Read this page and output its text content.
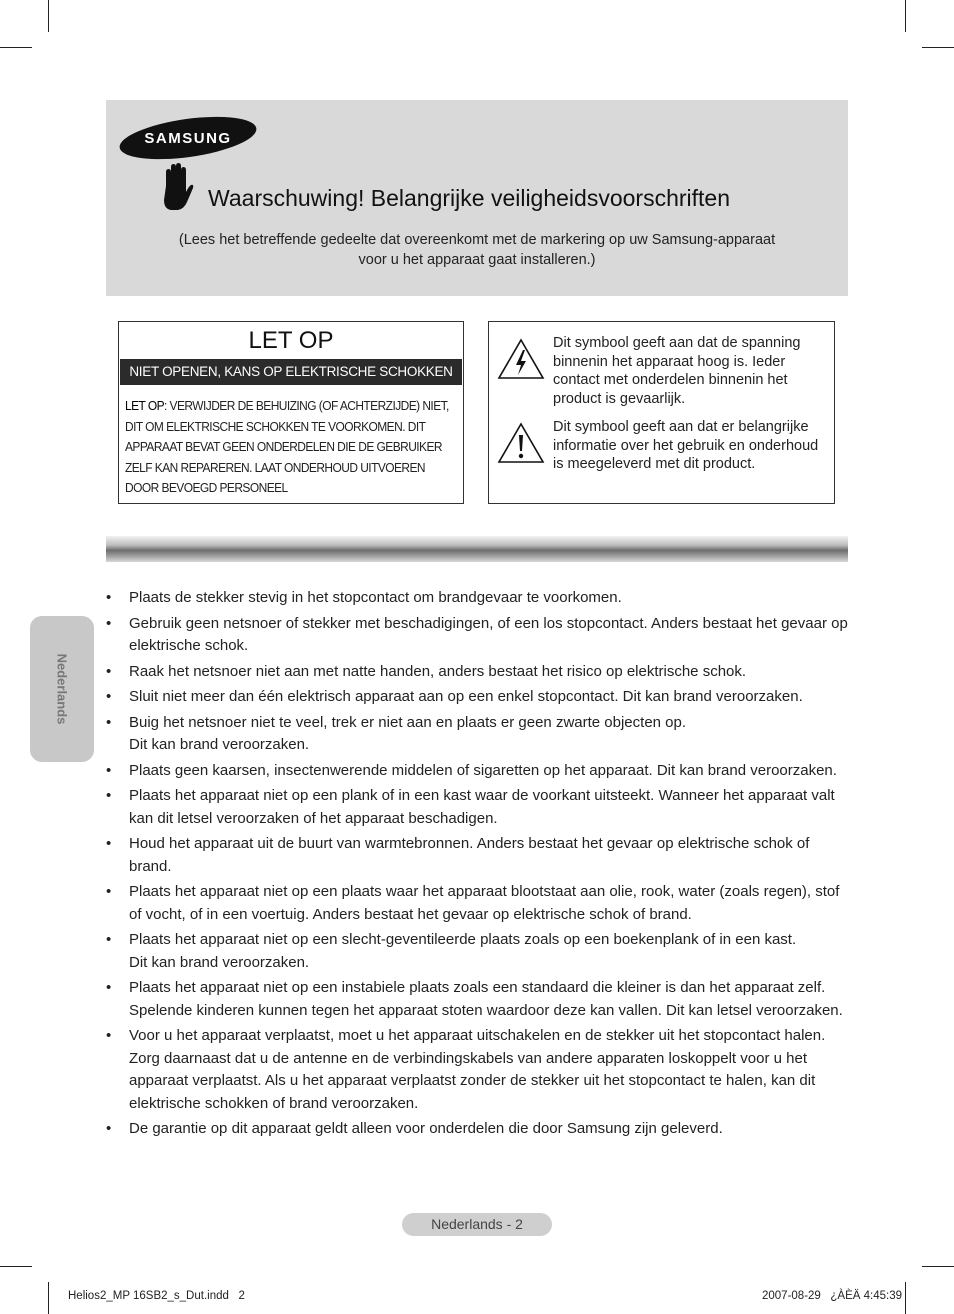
SAMSUNG
Waarschuwing! Belangrijke veiligheidsvoorschriften
(Lees het betreffende gedeelte dat overeenkomt met de markering op uw Samsung-apparaat
voor u het apparaat gaat installeren.)
LET OP
NIET OPENEN, KANS OP ELEKTRISCHE SCHOKKEN
LET OP: VERWIJDER DE BEHUIZING (OF ACHTERZIJDE) NIET, DIT OM ELEKTRISCHE SCHOKKEN TE VOORKOMEN. DIT APPARAAT BEVAT GEEN ONDERDELEN DIE DE GEBRUIKER ZELF KAN REPAREREN. LAAT ONDERHOUD UITVOEREN DOOR BEVOEGD PERSONEEL
Dit symbool geeft aan dat de spanning binnenin het apparaat hoog is. Ieder contact met onderdelen binnenin het product is gevaarlijk.
Dit symbool geeft aan dat er belangrijke informatie over het gebruik en onderhoud is meegeleverd met dit product.
Nederlands
• Plaats de stekker stevig in het stopcontact om brandgevaar te voorkomen.
• Gebruik geen netsnoer of stekker met beschadigingen, of een los stopcontact. Anders bestaat het gevaar op elektrische schok.
• Raak het netsnoer niet aan met natte handen, anders bestaat het risico op elektrische schok.
• Sluit niet meer dan één elektrisch apparaat aan op een enkel stopcontact. Dit kan brand veroorzaken.
• Buig het netsnoer niet te veel, trek er niet aan en plaats er geen zwarte objecten op.
Dit kan brand veroorzaken.
• Plaats geen kaarsen, insectenwerende middelen of sigaretten op het apparaat. Dit kan brand veroorzaken.
• Plaats het apparaat niet op een plank of in een kast waar de voorkant uitsteekt. Wanneer het apparaat valt kan dit letsel veroorzaken of het apparaat beschadigen.
• Houd het apparaat uit de buurt van warmtebronnen. Anders bestaat het gevaar op elektrische schok of brand.
• Plaats het apparaat niet op een plaats waar het apparaat blootstaat aan olie, rook, water (zoals regen), stof of vocht, of in een voertuig. Anders bestaat het gevaar op elektrische schok of brand.
• Plaats het apparaat niet op een slecht-geventileerde plaats zoals op een boekenplank of in een kast.
Dit kan brand veroorzaken.
• Plaats het apparaat niet op een instabiele plaats zoals een standaard die kleiner is dan het apparaat zelf. Spelende kinderen kunnen tegen het apparaat stoten waardoor deze kan vallen. Dit kan letsel veroorzaken.
• Voor u het apparaat verplaatst, moet u het apparaat uitschakelen en de stekker uit het stopcontact halen. Zorg daarnaast dat u de antenne en de verbindingskabels van andere apparaten loskoppelt voor u het apparaat verplaatst. Als u het apparaat verplaatst zonder de stekker uit het stopcontact te halen, kan dit elektrische schokken of brand veroorzaken.
• De garantie op dit apparaat geldt alleen voor onderdelen die door Samsung zijn geleverd.
Nederlands - 2
Helios2_MP 16SB2_s_Dut.indd   2	2007-08-29   ¿ÀÈÄ 4:45:39
